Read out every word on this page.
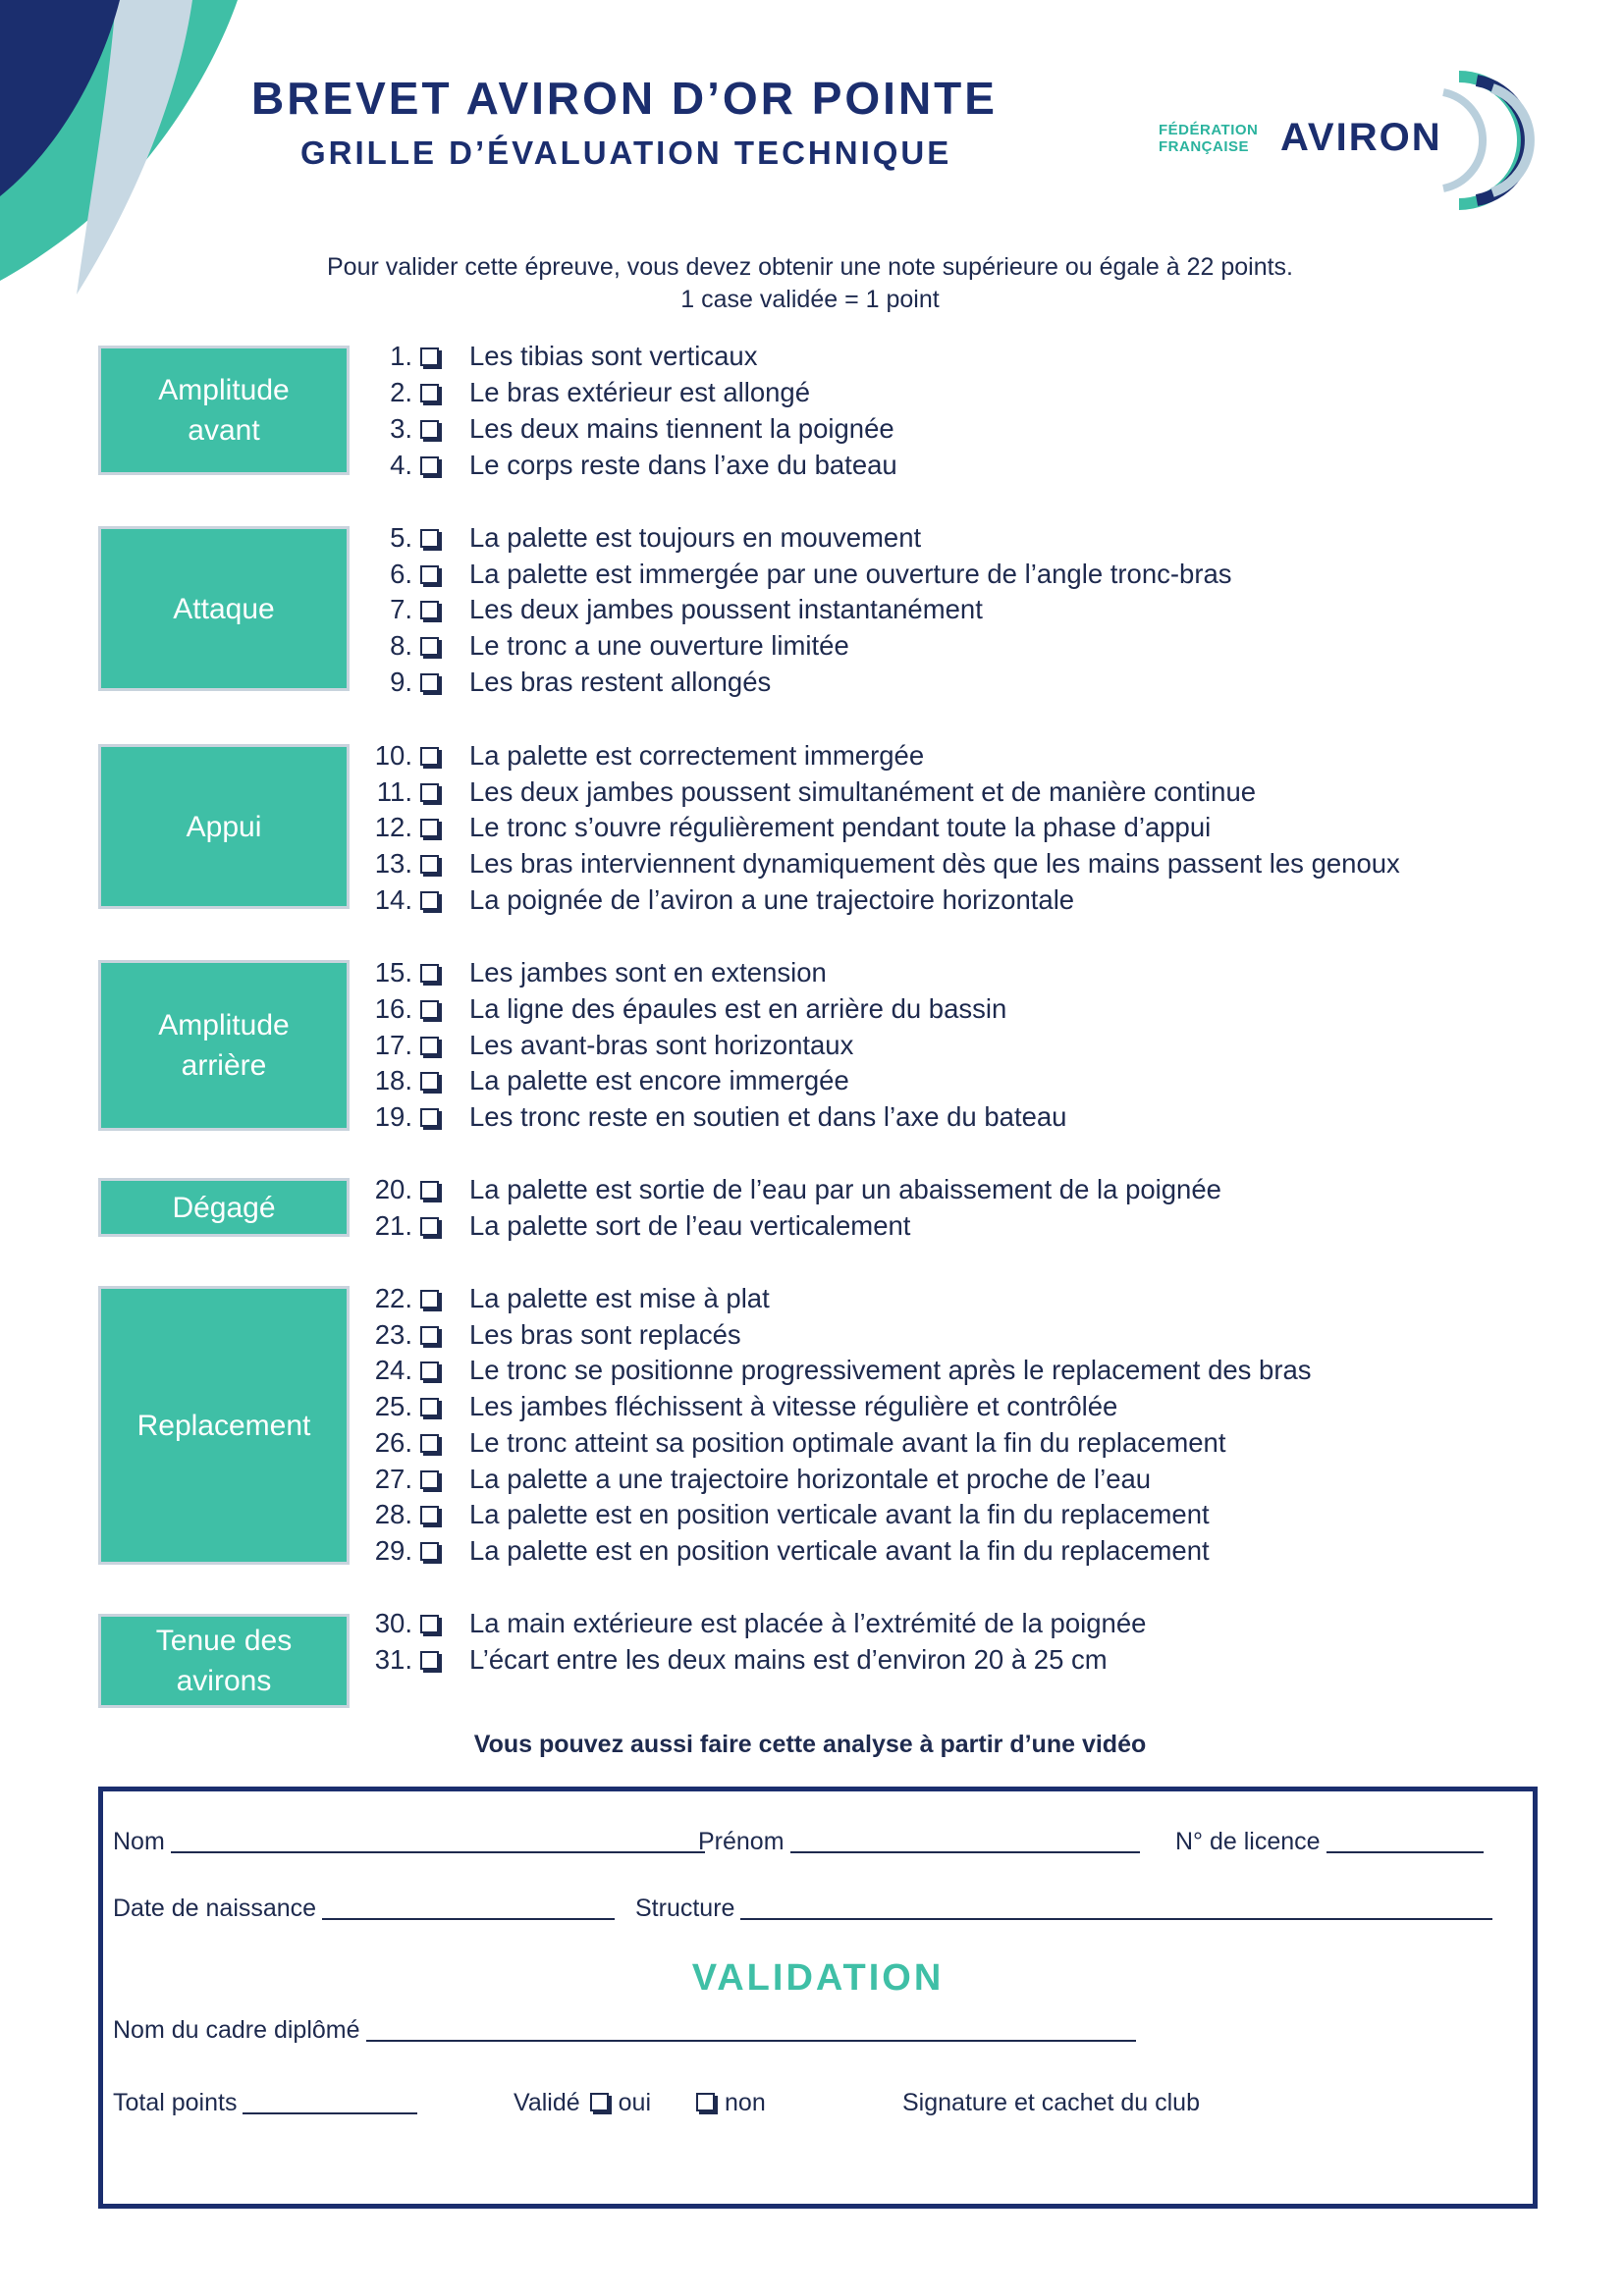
BREVET AVIRON D’OR POINTE
GRILLE D’ÉVALUATION TECHNIQUE
FÉDÉRATION
FRANÇAISE AVIRON
Pour valider cette épreuve, vous devez obtenir une note supérieure ou égale à 22 points.
1 case validée = 1 point
Amplitude
avant
Attaque
Appui
Amplitude
arrière
Dégagé
Replacement
Tenue des
avirons
1. Les tibias sont verticaux
2. Le bras extérieur est allongé
3. Les deux mains tiennent la poignée
4. Le corps reste dans l’axe du bateau
5. La palette est toujours en mouvement
6. La palette est immergée par une ouverture de l’angle tronc-bras
7. Les deux jambes poussent instantanément
8. Le tronc a une ouverture limitée
9. Les bras restent allongés
10. La palette est correctement immergée
11. Les deux jambes poussent simultanément et de manière continue
12. Le tronc s’ouvre régulièrement pendant toute la phase d’appui
13. Les bras interviennent dynamiquement dès que les mains passent les genoux
14. La poignée de l’aviron a une trajectoire horizontale
15. Les jambes sont en extension
16. La ligne des épaules est en arrière du bassin
17. Les avant-bras sont horizontaux
18. La palette est encore immergée
19. Les tronc reste en soutien et dans l’axe du bateau
20. La palette est sortie de l’eau par un abaissement de la poignée
21. La palette sort de l’eau verticalement
22. La palette est mise à plat
23. Les bras sont replacés
24. Le tronc se positionne progressivement après le replacement des bras
25. Les jambes fléchissent à vitesse régulière et contrôlée
26. Le tronc atteint sa position optimale avant la fin du replacement
27. La palette a une trajectoire horizontale et proche de l’eau
28. La palette est en position verticale avant la fin du replacement
29. La palette est en position verticale avant la fin du replacement
30. La main extérieure est placée à l’extrémité de la poignée
31. L’écart entre les deux mains est d’environ 20 à 25 cm
Vous pouvez aussi faire cette analyse à partir d’une vidéo
Nom	Prénom	N° de licence
Date de naissance	Structure
VALIDATION
Nom du cadre diplômé
Total points	Validé oui	non	Signature et cachet du club
